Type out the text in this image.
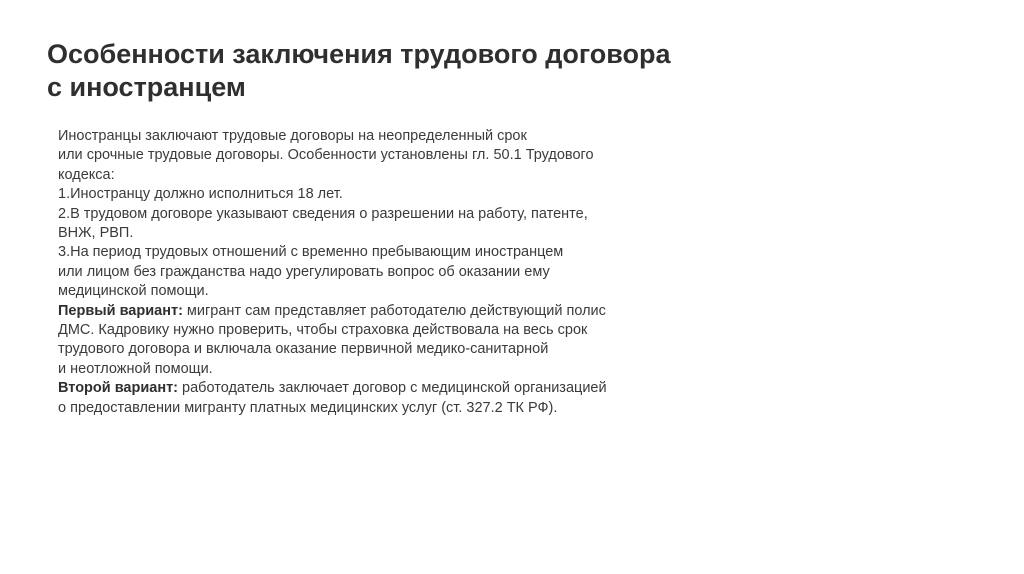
Особенности заключения трудового договора
с иностранцем
Иностранцы заключают трудовые договоры на неопределенный срок
или срочные трудовые договоры. Особенности установлены гл. 50.1 Трудового
кодекса:
1.Иностранцу должно исполниться 18 лет.
2.В трудовом договоре указывают сведения о разрешении на работу, патенте,
ВНЖ, РВП.
3.На период трудовых отношений с временно пребывающим иностранцем
или лицом без гражданства надо урегулировать вопрос об оказании ему
медицинской помощи.
Первый вариант: мигрант сам представляет работодателю действующий полис
ДМС. Кадровику нужно проверить, чтобы страховка действовала на весь срок
трудового договора и включала оказание первичной медико-санитарной
и неотложной помощи.
Второй вариант: работодатель заключает договор с медицинской организацией
о предоставлении мигранту платных медицинских услуг (ст. 327.2 ТК РФ).
